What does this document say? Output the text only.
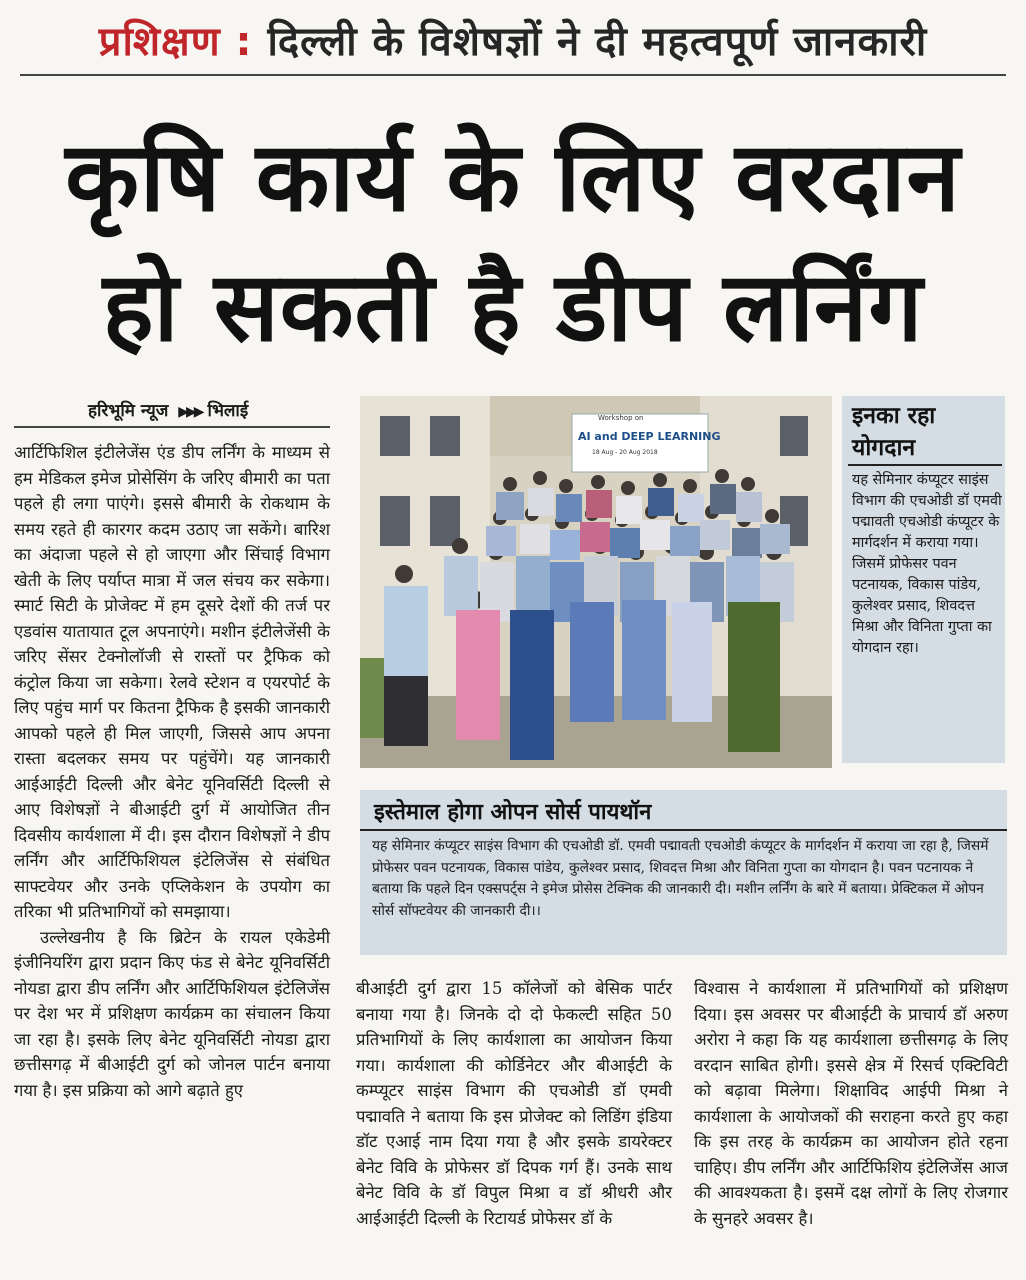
प्रशिक्षण : दिल्ली के विशेषज्ञों ने दी महत्वपूर्ण जानकारी
कृषि कार्य के लिए वरदान
हो सकती है डीप लर्निंग
हरिभूमि न्यूज ▶▶▶ भिलाई

आर्टिफिशिल इंटीलेजेंस एंड डीप लर्निंग के माध्यम से हम मेडिकल इमेज प्रोसेसिंग के जरिए बीमारी का पता पहले ही लगा पाएंगे। इससे बीमारी के रोकथाम के समय रहते ही कारगर कदम उठाए जा सकेंगे। बारिश का अंदाजा पहले से हो जाएगा और सिंचाई विभाग खेती के लिए पर्याप्त मात्रा में जल संचय कर सकेगा। स्मार्ट सिटी के प्रोजेक्ट में हम दूसरे देशों की तर्ज पर एडवांस यातायात टूल अपनाएंगे। मशीन इंटीलेजेंसी के जरिए सेंसर टेक्नोलॉजी से रास्तों पर ट्रैफिक को कंट्रोल किया जा सकेगा। रेलवे स्टेशन व एयरपोर्ट के लिए पहुंच मार्ग पर कितना ट्रैफिक है इसकी जानकारी आपको पहले ही मिल जाएगी, जिससे आप अपना रास्ता बदलकर समय पर पहुंचेंगे। यह जानकारी आईआईटी दिल्ली और बेनेट यूनिवर्सिटी दिल्ली से आए विशेषज्ञों ने बीआईटी दुर्ग में आयोजित तीन दिवसीय कार्यशाला में दी। इस दौरान विशेषज्ञों ने डीप लर्निंग और आर्टिफिशियल इंटेलिजेंस से संबंधित साफ्टवेयर और उनके एप्लिकेशन के उपयोग का तरिका भी प्रतिभागियों को समझाया।

उल्लेखनीय है कि ब्रिटेन के रायल एकेडेमी इंजीनियरिंग द्वारा प्रदान किए फंड से बेनेट यूनिवर्सिटी नोयडा द्वारा डीप लर्निंग और आर्टिफिशियल इंटेलिजेंस पर देश भर में प्रशिक्षण कार्यक्रम का संचालन किया जा रहा है। इसके लिए बेनेट यूनिवर्सिटी नोयडा द्वारा छत्तीसगढ़ में बीआईटी दुर्ग को जोनल पार्टन बनाया गया है। इस प्रक्रिया को आगे बढ़ाते हुए

Workshop on
AI and DEEP LEARNING
18 Aug - 20 Aug 2018
इनका रहा योगदान
यह सेमिनार कंप्यूटर साइंस विभाग की एचओडी डॉ एमवी पद्मावती एचओडी कंप्यूटर के मार्गदर्शन में कराया गया। जिसमें प्रोफेसर पवन पटनायक, विकास पांडेय, कुलेश्वर प्रसाद, शिवदत्त मिश्रा और विनिता गुप्ता का योगदान रहा।
इस्तेमाल होगा ओपन सोर्स पायथॉन
यह सेमिनार कंप्यूटर साइंस विभाग की एचओडी डॉ. एमवी पद्मावती एचओडी कंप्यूटर के मार्गदर्शन में कराया जा रहा है, जिसमें प्रोफेसर पवन पटनायक, विकास पांडेय, कुलेश्वर प्रसाद, शिवदत्त मिश्रा और विनिता गुप्ता का योगदान है। पवन पटनायक ने बताया कि पहले दिन एक्सपर्ट्स ने इमेज प्रोसेस टेक्निक की जानकारी दी। मशीन लर्निंग के बारे में बताया। प्रेक्टिकल में ओपन सोर्स सॉफ्टवेयर की जानकारी दी।।

बीआईटी दुर्ग द्वारा 15 कॉलेजों को बेसिक पार्टर बनाया गया है। जिनके दो दो फेकल्टी सहित 50 प्रतिभागियों के लिए कार्यशाला का आयोजन किया गया। कार्यशाला की कोर्डिनेटर और बीआईटी के कम्प्यूटर साइंस विभाग की एचओडी डॉ एमवी पद्मावति ने बताया कि इस प्रोजेक्ट को लिडिंग इंडिया डॉट एआई नाम दिया गया है और इसके डायरेक्टर बेनेट विवि के प्रोफेसर डॉ दिपक गर्ग हैं। उनके साथ बेनेट विवि के डॉ विपुल मिश्रा व डॉ श्रीधरी और आईआईटी दिल्ली के रिटायर्ड प्रोफेसर डॉ के

विश्वास ने कार्यशाला में प्रतिभागियों को प्रशिक्षण दिया। इस अवसर पर बीआईटी के प्राचार्य डॉ अरुण अरोरा ने कहा कि यह कार्यशाला छत्तीसगढ़ के लिए वरदान साबित होगी। इससे क्षेत्र में रिसर्च एक्टिविटी को बढ़ावा मिलेगा। शिक्षाविद आईपी मिश्रा ने कार्यशाला के आयोजकों की सराहना करते हुए कहा कि इस तरह के कार्यक्रम का आयोजन होते रहना चाहिए। डीप लर्निंग और आर्टिफिशिय इंटेलिजेंस आज की आवश्यकता है। इसमें दक्ष लोगों के लिए रोजगार के सुनहरे अवसर है।
